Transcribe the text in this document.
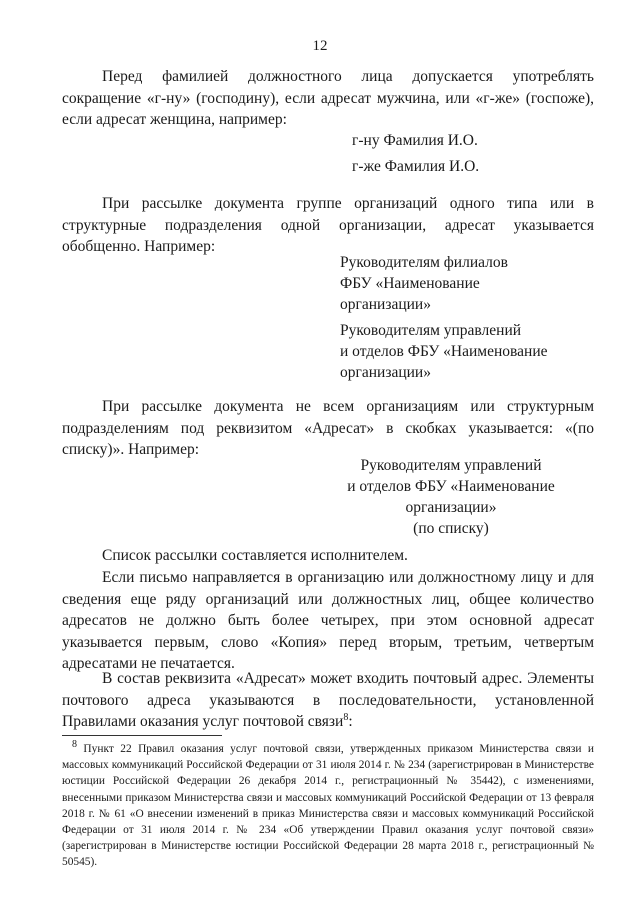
12

Перед фамилией должностного лица допускается употреблять сокращение «г-ну» (господину), если адресат мужчина, или «г-же» (госпоже), если адресат женщина, например:

г-ну Фамилия И.О.
г-же Фамилия И.О.

При рассылке документа группе организаций одного типа или в структурные подразделения одной организации, адресат указывается обобщенно. Например:

Руководителям филиалов
ФБУ «Наименование
организации»
Руководителям управлений
и отделов ФБУ «Наименование
организации»

При рассылке документа не всем организациям или структурным подразделениям под реквизитом «Адресат» в скобках указывается: «(по списку)». Например:

Руководителям управлений
и отделов ФБУ «Наименование
организации»
(по списку)

Список рассылки составляется исполнителем.

Если письмо направляется в организацию или должностному лицу и для сведения еще ряду организаций или должностных лиц, общее количество адресатов не должно быть более четырех, при этом основной адресат указывается первым, слово «Копия» перед вторым, третьим, четвертым адресатами не печатается.

В состав реквизита «Адресат» может входить почтовый адрес. Элементы почтового адреса указываются в последовательности, установленной Правилами оказания услуг почтовой связи$^8$:

$^8$ Пункт 22 Правил оказания услуг почтовой связи, утвержденных приказом Министерства связи и массовых коммуникаций Российской Федерации от 31 июля 2014 г. № 234 (зарегистрирован в Министерстве юстиции Российской Федерации 26 декабря 2014 г., регистрационный № 35442), с изменениями, внесенными приказом Министерства связи и массовых коммуникаций Российской Федерации от 13 февраля 2018 г. № 61 «О внесении изменений в приказ Министерства связи и массовых коммуникаций Российской Федерации от 31 июля 2014 г. № 234 «Об утверждении Правил оказания услуг почтовой связи» (зарегистрирован в Министерстве юстиции Российской Федерации 28 марта 2018 г., регистрационный № 50545).
